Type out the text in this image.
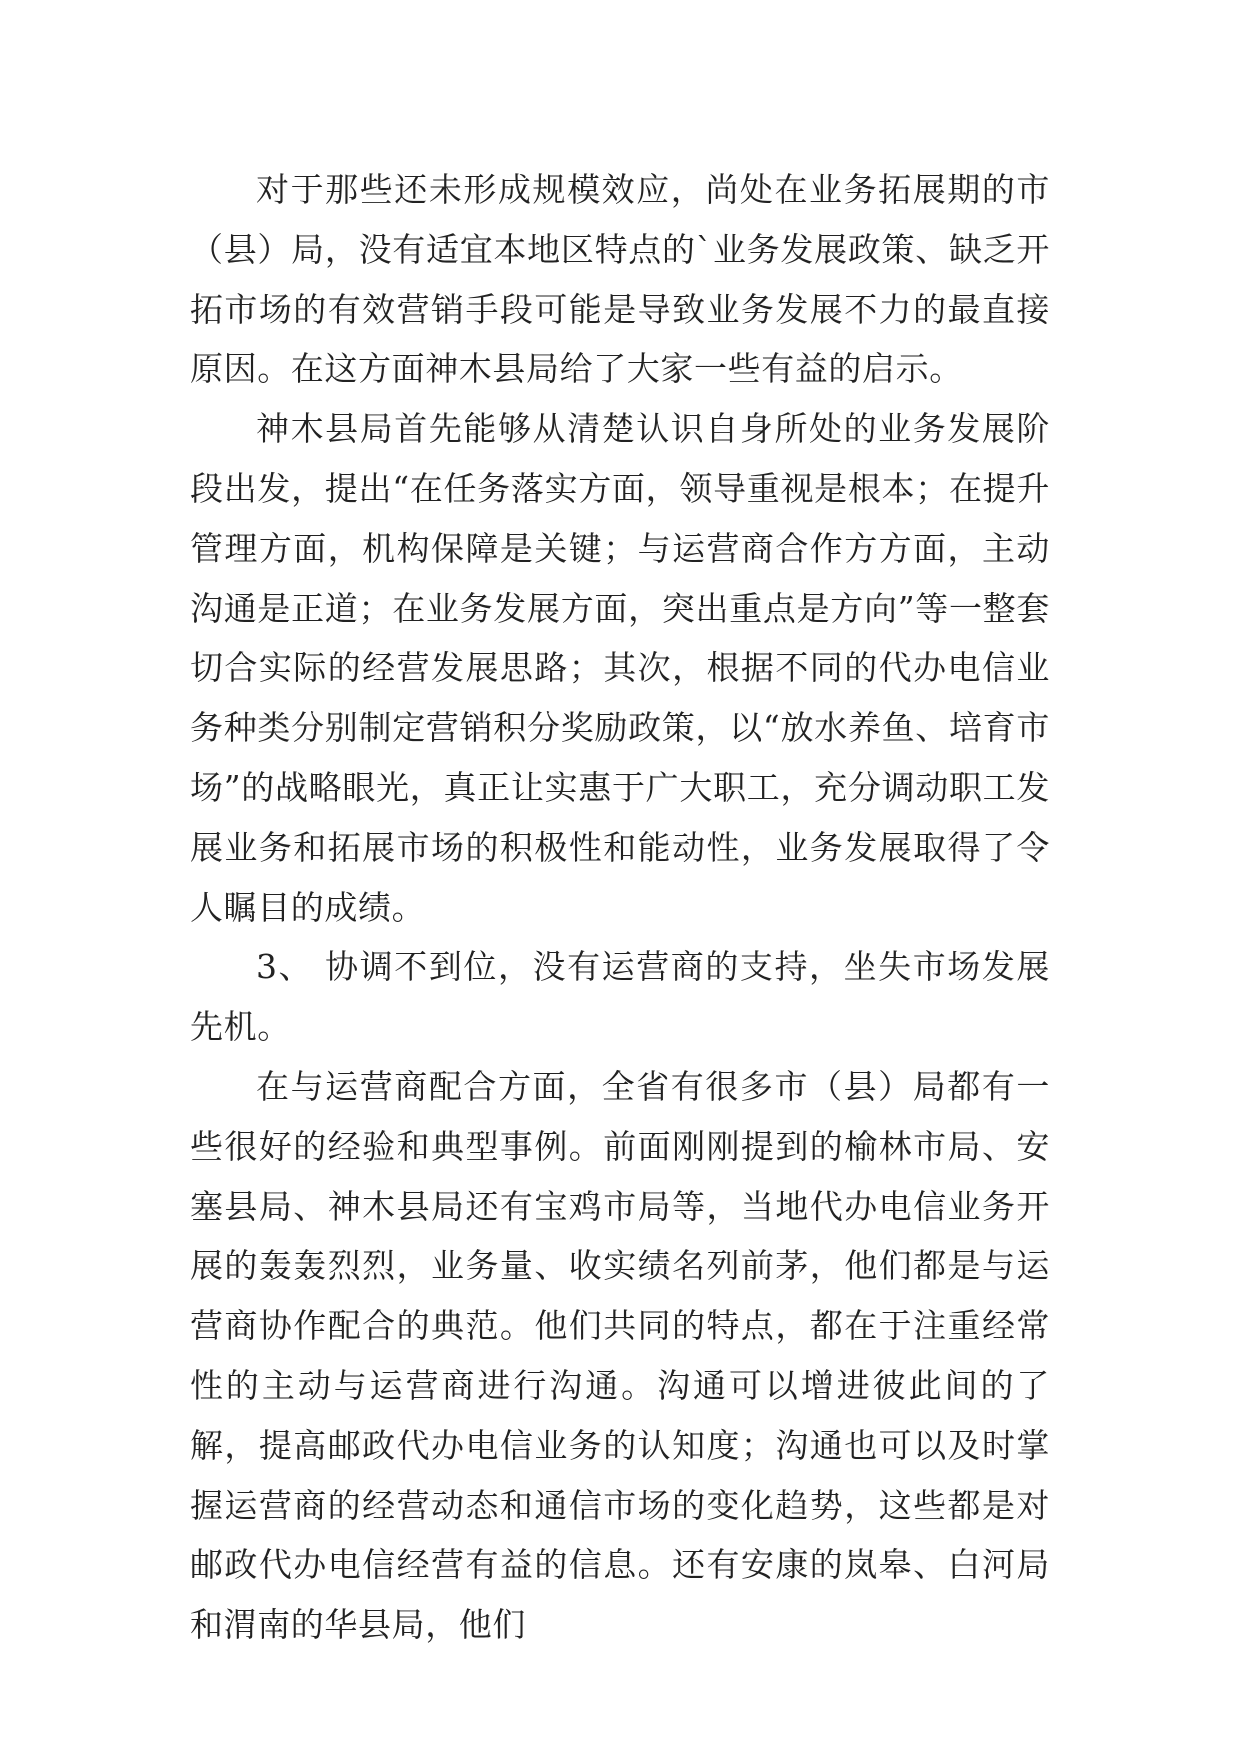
对于那些还未形成规模效应，尚处在业务拓展期的市（县）局，没有适宜本地区特点的`业务发展政策、缺乏开拓市场的有效营销手段可能是导致业务发展不力的最直接原因。在这方面神木县局给了大家一些有益的启示。

神木县局首先能够从清楚认识自身所处的业务发展阶段出发，提出“在任务落实方面，领导重视是根本；在提升管理方面，机构保障是关键；与运营商合作方方面，主动沟通是正道；在业务发展方面，突出重点是方向”等一整套切合实际的经营发展思路；其次，根据不同的代办电信业务种类分别制定营销积分奖励政策，以“放水养鱼、培育市场”的战略眼光，真正让实惠于广大职工，充分调动职工发展业务和拓展市场的积极性和能动性，业务发展取得了令人瞩目的成绩。

3、 协调不到位，没有运营商的支持，坐失市场发展先机。

在与运营商配合方面，全省有很多市（县）局都有一些很好的经验和典型事例。前面刚刚提到的榆林市局、安塞县局、神木县局还有宝鸡市局等，当地代办电信业务开展的轰轰烈烈，业务量、收实绩名列前茅，他们都是与运营商协作配合的典范。他们共同的特点，都在于注重经常性的主动与运营商进行沟通。沟通可以增进彼此间的了解，提高邮政代办电信业务的认知度；沟通也可以及时掌握运营商的经营动态和通信市场的变化趋势，这些都是对邮政代办电信经营有益的信息。还有安康的岚皋、白河局和渭南的华县局，他们
